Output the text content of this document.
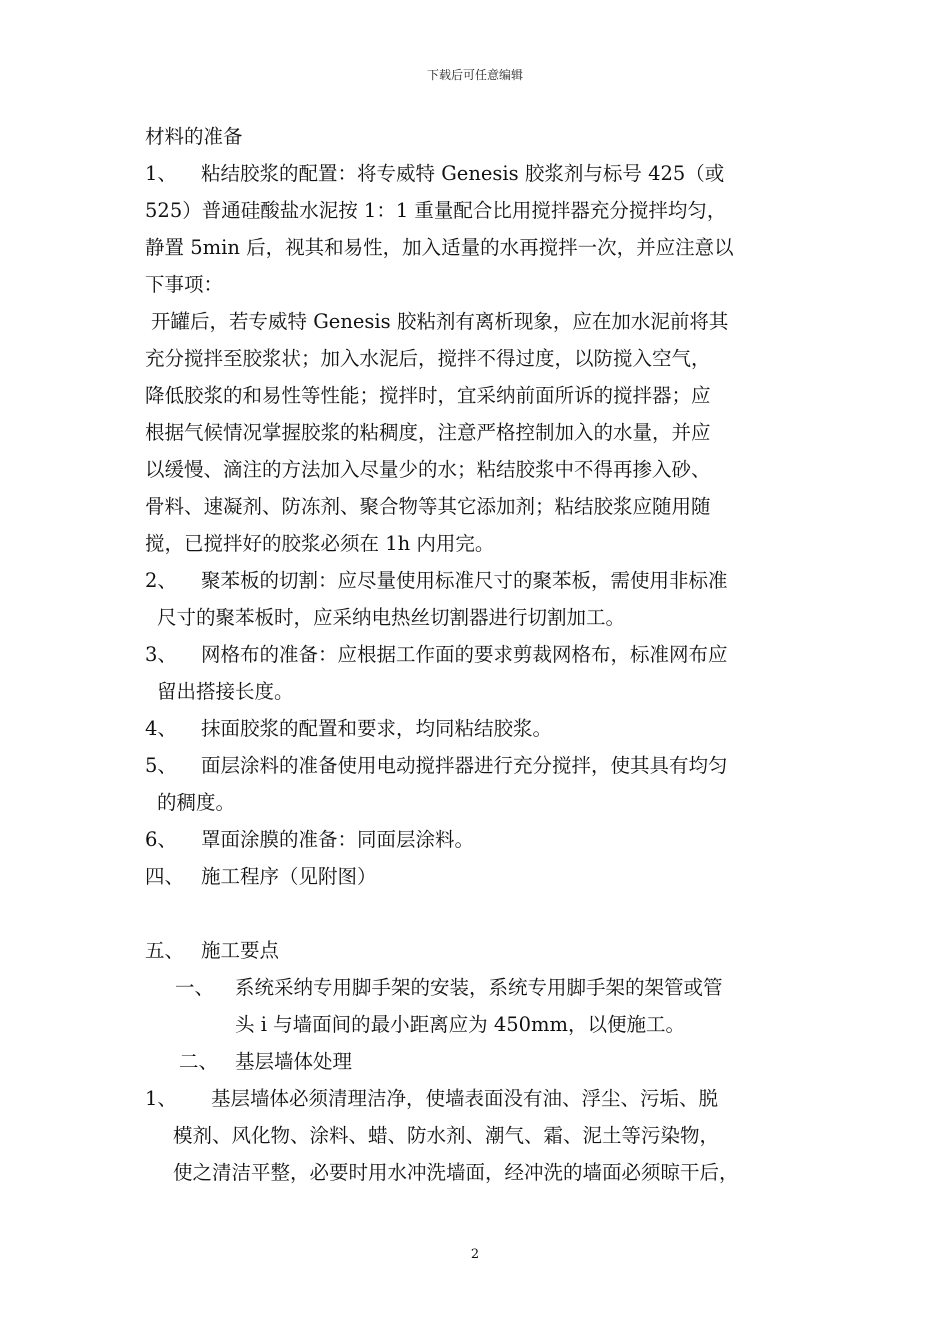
下载后可任意编辑
材料的准备
1、 粘结胶浆的配置：将专威特 Genesis 胶浆剂与标号 425（或
525）普通硅酸盐水泥按 1：1 重量配合比用搅拌器充分搅拌均匀，
静置 5min 后，视其和易性，加入适量的水再搅拌一次，并应注意以
下事项：
开罐后，若专威特 Genesis 胶粘剂有离析现象，应在加水泥前将其
充分搅拌至胶浆状；加入水泥后，搅拌不得过度，以防搅入空气，
降低胶浆的和易性等性能；搅拌时，宜采纳前面所诉的搅拌器；应
根据气候情况掌握胶浆的粘稠度，注意严格控制加入的水量，并应
以缓慢、滴注的方法加入尽量少的水；粘结胶浆中不得再掺入砂、
骨料、速凝剂、防冻剂、聚合物等其它添加剂；粘结胶浆应随用随
搅，已搅拌好的胶浆必须在 1h 内用完。
2、 聚苯板的切割：应尽量使用标准尺寸的聚苯板，需使用非标准
尺寸的聚苯板时，应采纳电热丝切割器进行切割加工。
3、 网格布的准备：应根据工作面的要求剪裁网格布，标准网布应
留出搭接长度。
4、 抹面胶浆的配置和要求，均同粘结胶浆。
5、 面层涂料的准备使用电动搅拌器进行充分搅拌，使其具有均匀
的稠度。
6、 罩面涂膜的准备：同面层涂料。
四、 施工程序（见附图）
五、 施工要点
一、 系统采纳专用脚手架的安装，系统专用脚手架的架管或管
头 i 与墙面间的最小距离应为 450mm，以便施工。
二、 基层墙体处理
1、 基层墙体必须清理洁净，使墙表面没有油、浮尘、污垢、脱
模剂、风化物、涂料、蜡、防水剂、潮气、霜、泥土等污染物，
使之清洁平整，必要时用水冲洗墙面，经冲洗的墙面必须晾干后，
2
